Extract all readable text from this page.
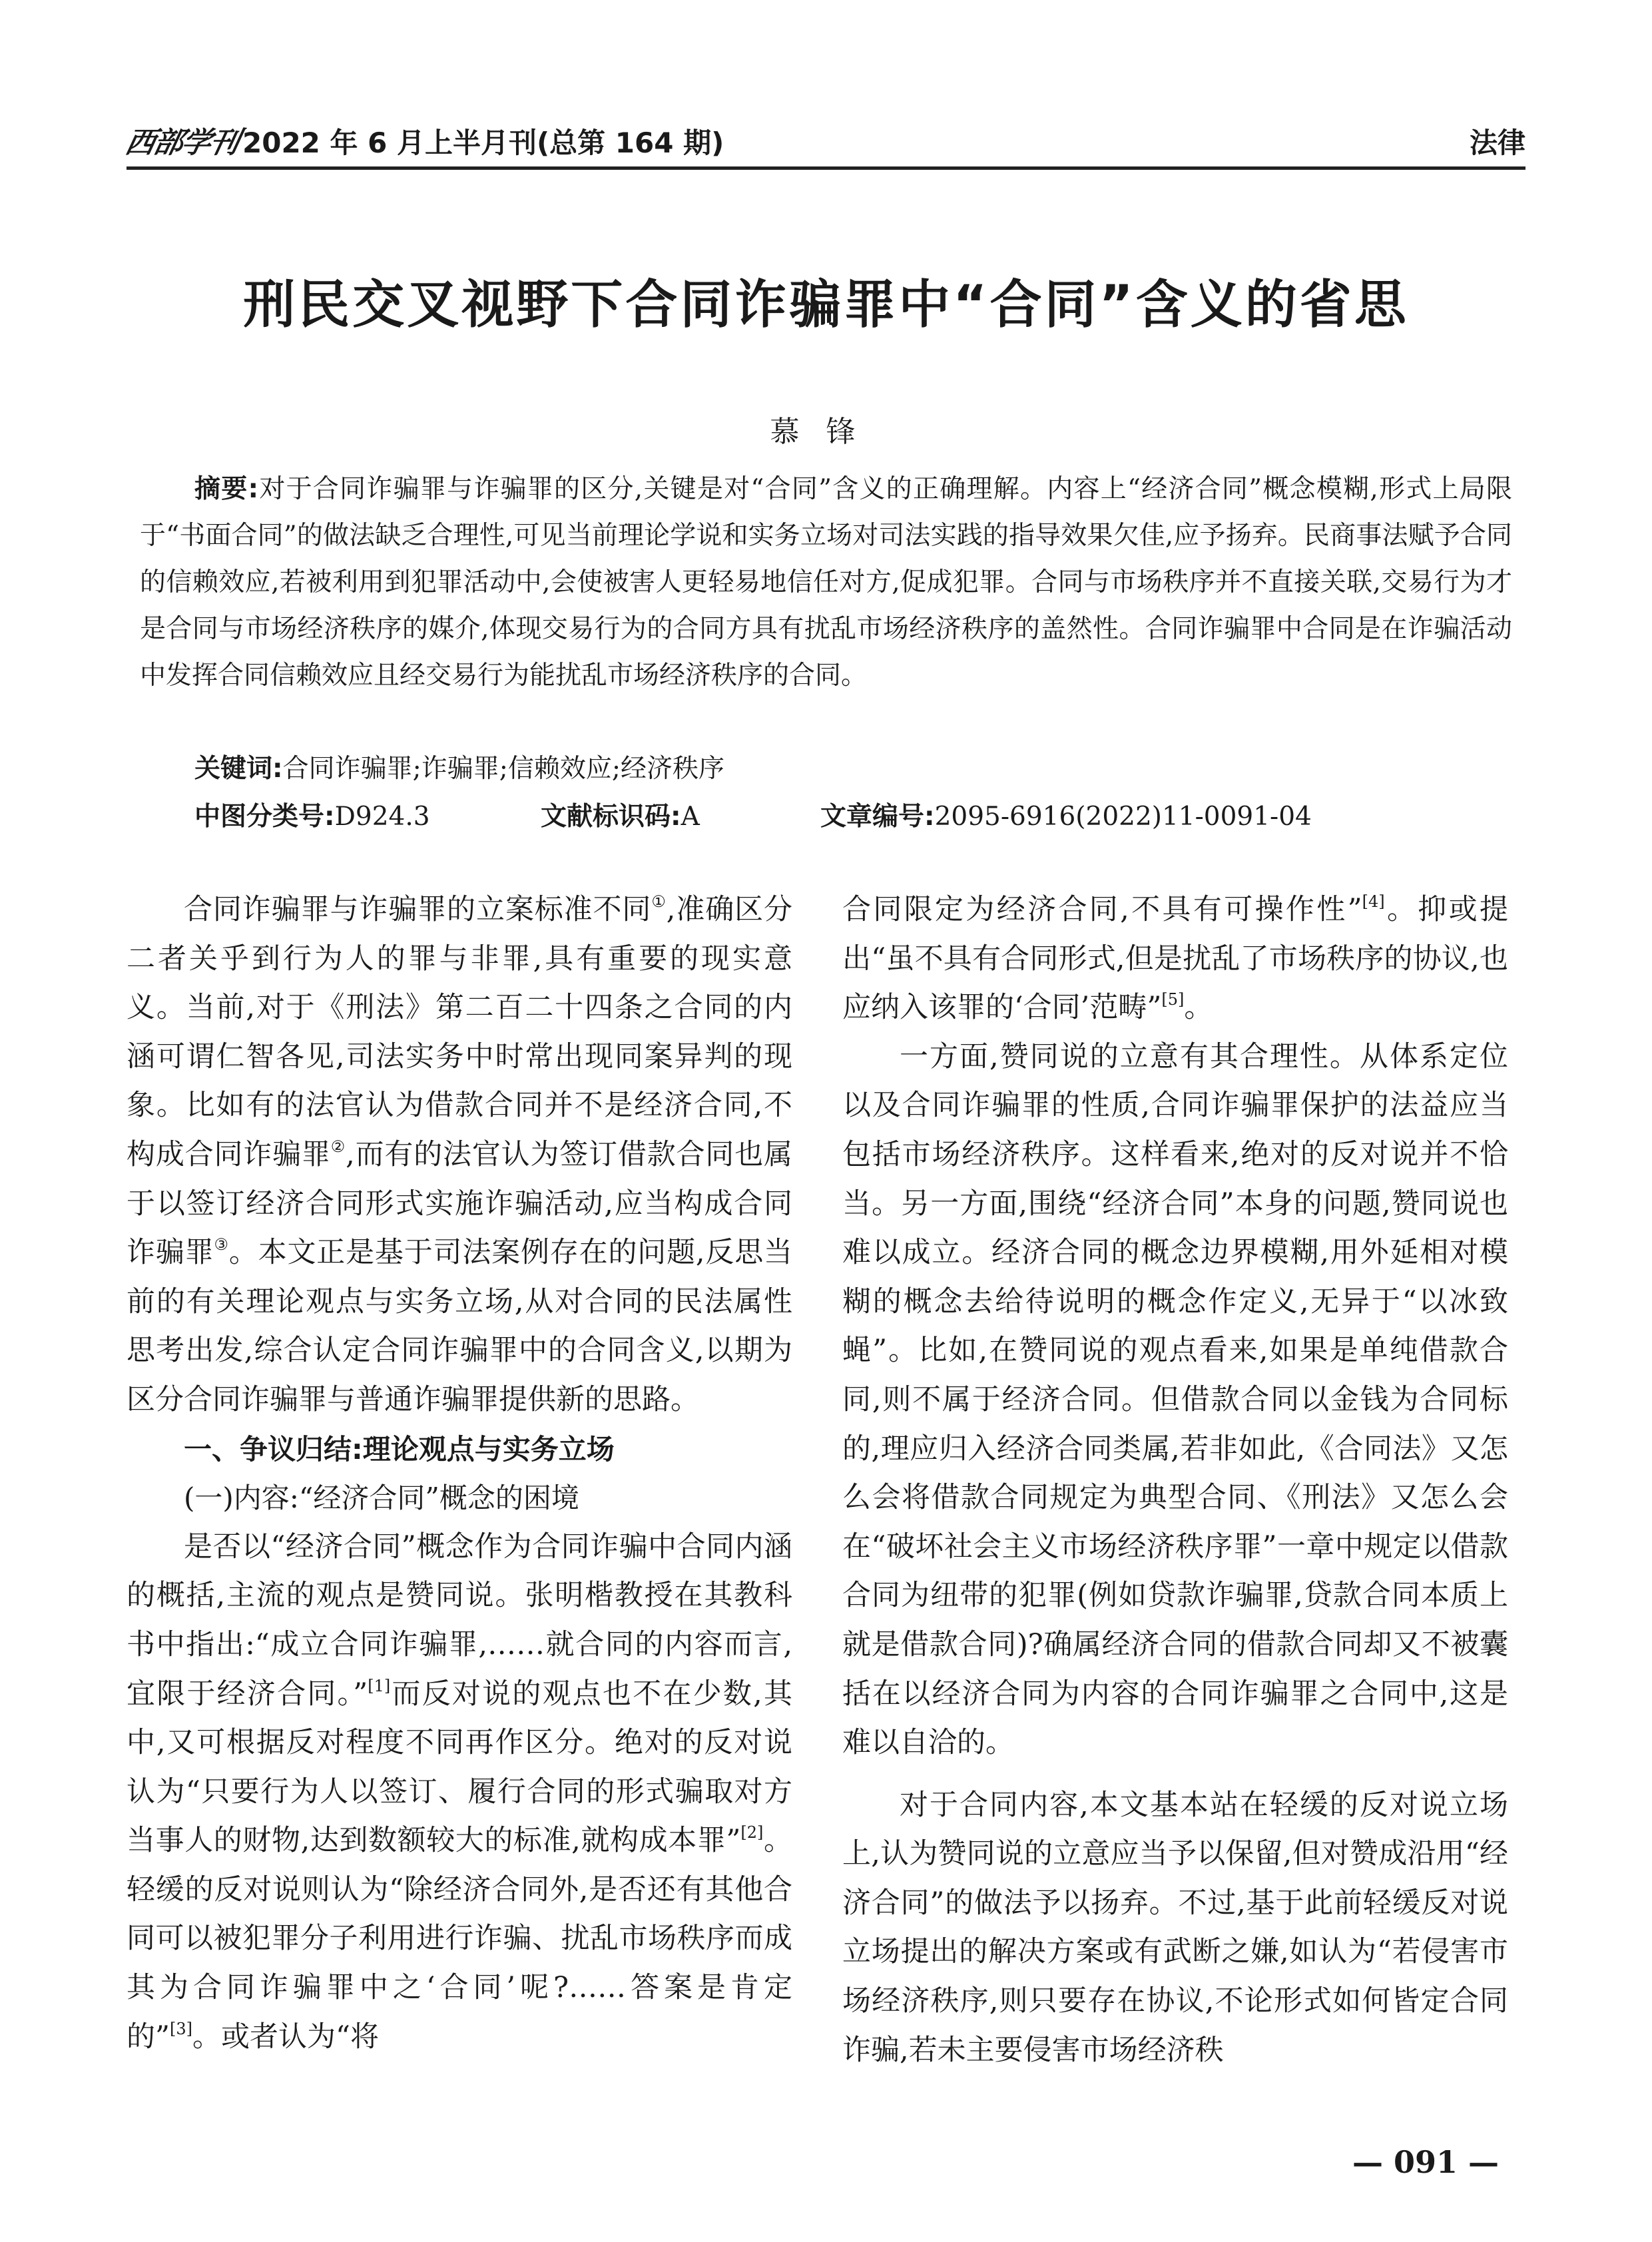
西部学刊 2022 年 6 月上半月刊(总第 164 期)	法律
刑民交叉视野下合同诈骗罪中“合同”含义的省思
慕锋
摘要:对于合同诈骗罪与诈骗罪的区分,关键是对“合同”含义的正确理解。内容上“经济合同”概念模糊,形式上局限于“书面合同”的做法缺乏合理性,可见当前理论学说和实务立场对司法实践的指导效果欠佳,应予扬弃。民商事法赋予合同的信赖效应,若被利用到犯罪活动中,会使被害人更轻易地信任对方,促成犯罪。合同与市场秩序并不直接关联,交易行为才是合同与市场经济秩序的媒介,体现交易行为的合同方具有扰乱市场经济秩序的盖然性。合同诈骗罪中合同是在诈骗活动中发挥合同信赖效应且经交易行为能扰乱市场经济秩序的合同。
关键词:合同诈骗罪;诈骗罪;信赖效应;经济秩序
中图分类号:D924.3	文献标识码:A	文章编号:2095-6916(2022)11-0091-04

合同诈骗罪与诈骗罪的立案标准不同①,准确区分二者关乎到行为人的罪与非罪,具有重要的现实意义。当前,对于《刑法》第二百二十四条之合同的内涵可谓仁智各见,司法实务中时常出现同案异判的现象。比如有的法官认为借款合同并不是经济合同,不构成合同诈骗罪②,而有的法官认为签订借款合同也属于以签订经济合同形式实施诈骗活动,应当构成合同诈骗罪③。本文正是基于司法案例存在的问题,反思当前的有关理论观点与实务立场,从对合同的民法属性思考出发,综合认定合同诈骗罪中的合同含义,以期为区分合同诈骗罪与普通诈骗罪提供新的思路。

一、争议归结:理论观点与实务立场
(一)内容:“经济合同”概念的困境

是否以“经济合同”概念作为合同诈骗中合同内涵的概括,主流的观点是赞同说。张明楷教授在其教科书中指出:“成立合同诈骗罪,……就合同的内容而言,宜限于经济合同。”[1]而反对说的观点也不在少数,其中,又可根据反对程度不同再作区分。绝对的反对说认为“只要行为人以签订、履行合同的形式骗取对方当事人的财物,达到数额较大的标准,就构成本罪”[2]。轻缓的反对说则认为“除经济合同外,是否还有其他合同可以被犯罪分子利用进行诈骗、扰乱市场秩序而成其为合同诈骗罪中之‘合同’呢?……答案是肯定的”[3]。或者认为“将

合同限定为经济合同,不具有可操作性”[4]。抑或提出“虽不具有合同形式,但是扰乱了市场秩序的协议,也应纳入该罪的‘合同’范畴”[5]。

一方面,赞同说的立意有其合理性。从体系定位以及合同诈骗罪的性质,合同诈骗罪保护的法益应当包括市场经济秩序。这样看来,绝对的反对说并不恰当。另一方面,围绕“经济合同”本身的问题,赞同说也难以成立。经济合同的概念边界模糊,用外延相对模糊的概念去给待说明的概念作定义,无异于“以冰致蝇”。比如,在赞同说的观点看来,如果是单纯借款合同,则不属于经济合同。但借款合同以金钱为合同标的,理应归入经济合同类属,若非如此,《合同法》又怎么会将借款合同规定为典型合同、《刑法》又怎么会在“破坏社会主义市场经济秩序罪”一章中规定以借款合同为纽带的犯罪(例如贷款诈骗罪,贷款合同本质上就是借款合同)?确属经济合同的借款合同却又不被囊括在以经济合同为内容的合同诈骗罪之合同中,这是难以自洽的。

对于合同内容,本文基本站在轻缓的反对说立场上,认为赞同说的立意应当予以保留,但对赞成沿用“经济合同”的做法予以扬弃。不过,基于此前轻缓反对说立场提出的解决方案或有武断之嫌,如认为“若侵害市场经济秩序,则只要存在协议,不论形式如何皆定合同诈骗,若未主要侵害市场经济秩

— 091 —
